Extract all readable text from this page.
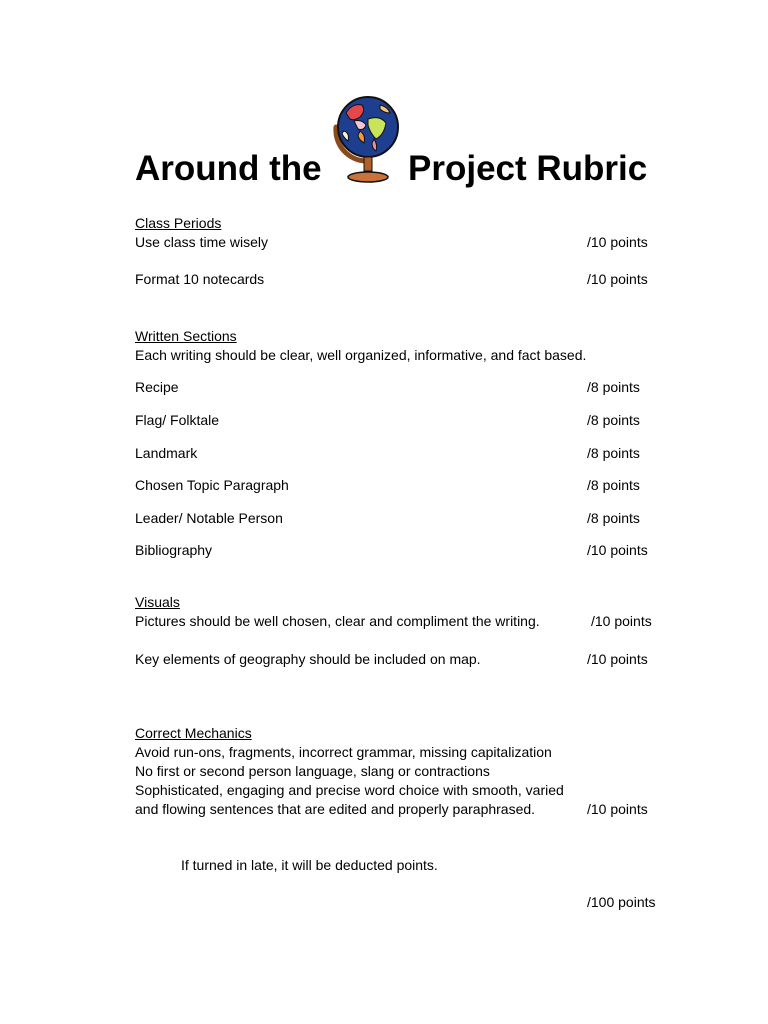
Around the Project Rubric
Class Periods
Use class time wisely	/10 points
Format 10 notecards	/10 points
Written Sections
Each writing should be clear, well organized, informative, and fact based.
Recipe	/8 points
Flag/ Folktale	/8 points
Landmark	/8 points
Chosen Topic Paragraph	/8 points
Leader/ Notable Person	/8 points
Bibliography	/10 points
Visuals
Pictures should be well chosen, clear and compliment the writing.	/10 points
Key elements of geography should be included on map.	/10 points
Correct Mechanics
Avoid run-ons, fragments, incorrect grammar, missing capitalization
No first or second person language, slang or contractions
Sophisticated, engaging and precise word choice with smooth, varied
and flowing sentences that are edited and properly paraphrased.	/10 points
If turned in late, it will be deducted points.
/100 points
